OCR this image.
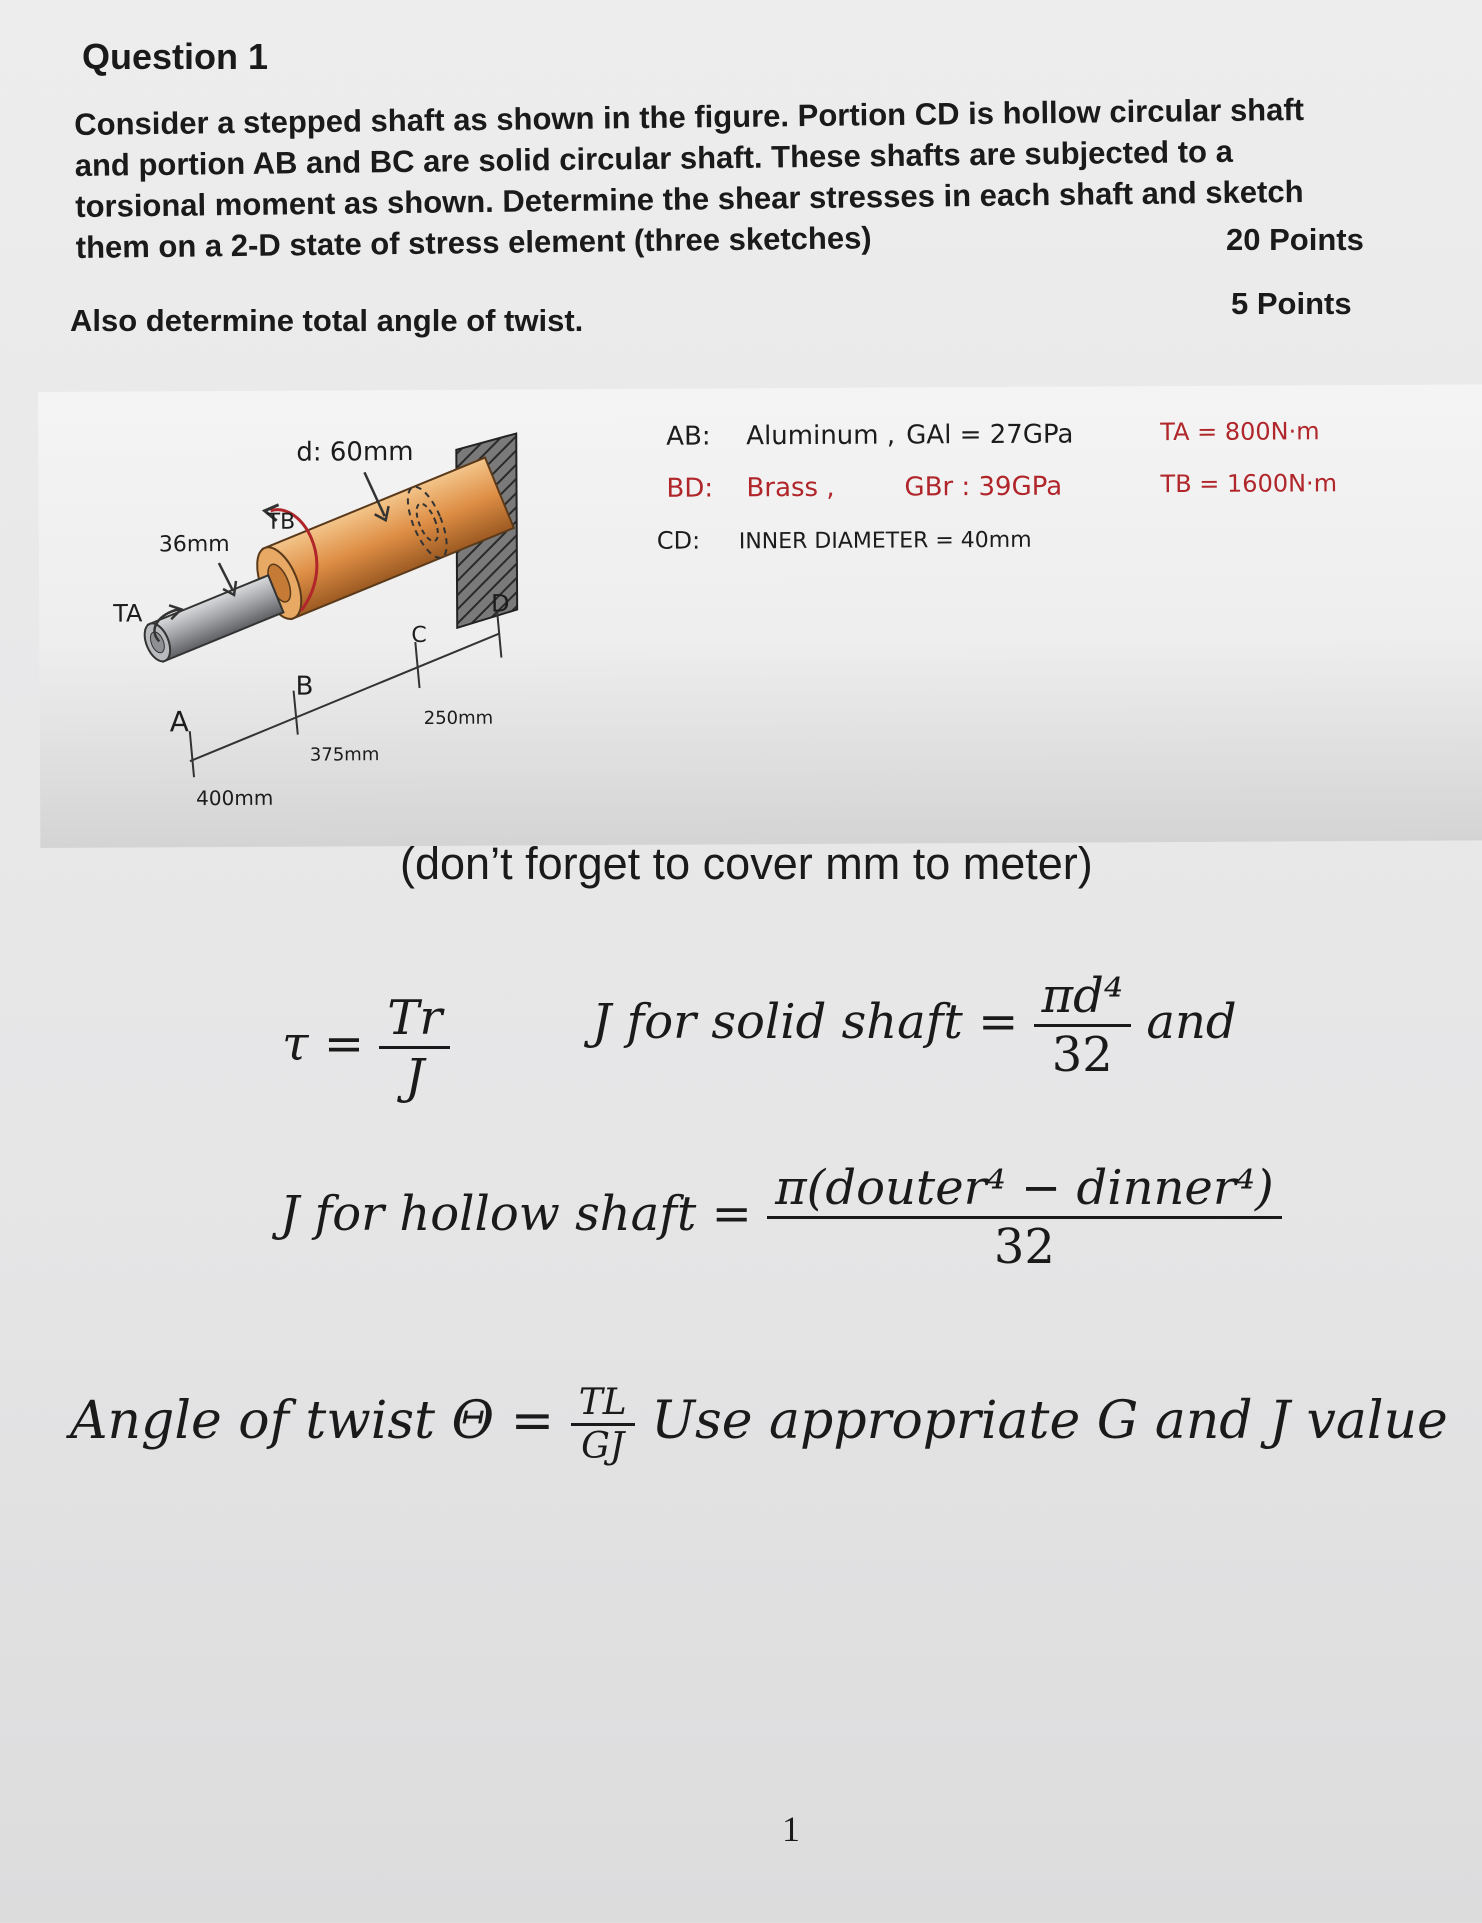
Question 1
Consider a stepped shaft as shown in the figure. Portion CD is hollow circular shaft
and portion AB and BC are solid circular shaft. These shafts are subjected to a
torsional moment as shown. Determine the shear stresses in each shaft and sketch
them on a 2-D state of stress element (three sketches)	20 Points
Also determine total angle of twist.	5 Points
d: 60mm
36mm
TB
TA
A
B
C
D
400mm
375mm
250mm
AB: Aluminum , GAl = 27GPa
BD: Brass ,	GBr : 39GPa
CD: INNER DIAMETER = 40mm
TA = 800N·m
TB = 1600N·m
(don’t forget to cover mm to meter)
$\tau = \frac{Tr}{J}$	J for solid shaft = $\frac{\text{πd⁴}}{32}$ and
J for hollow shaft = $\frac{\text{π(douter⁴ − dinner⁴)}}{32}$
Angle of twist $\Theta = \frac{TL}{GJ}$ Use appropriate G and J value
1
